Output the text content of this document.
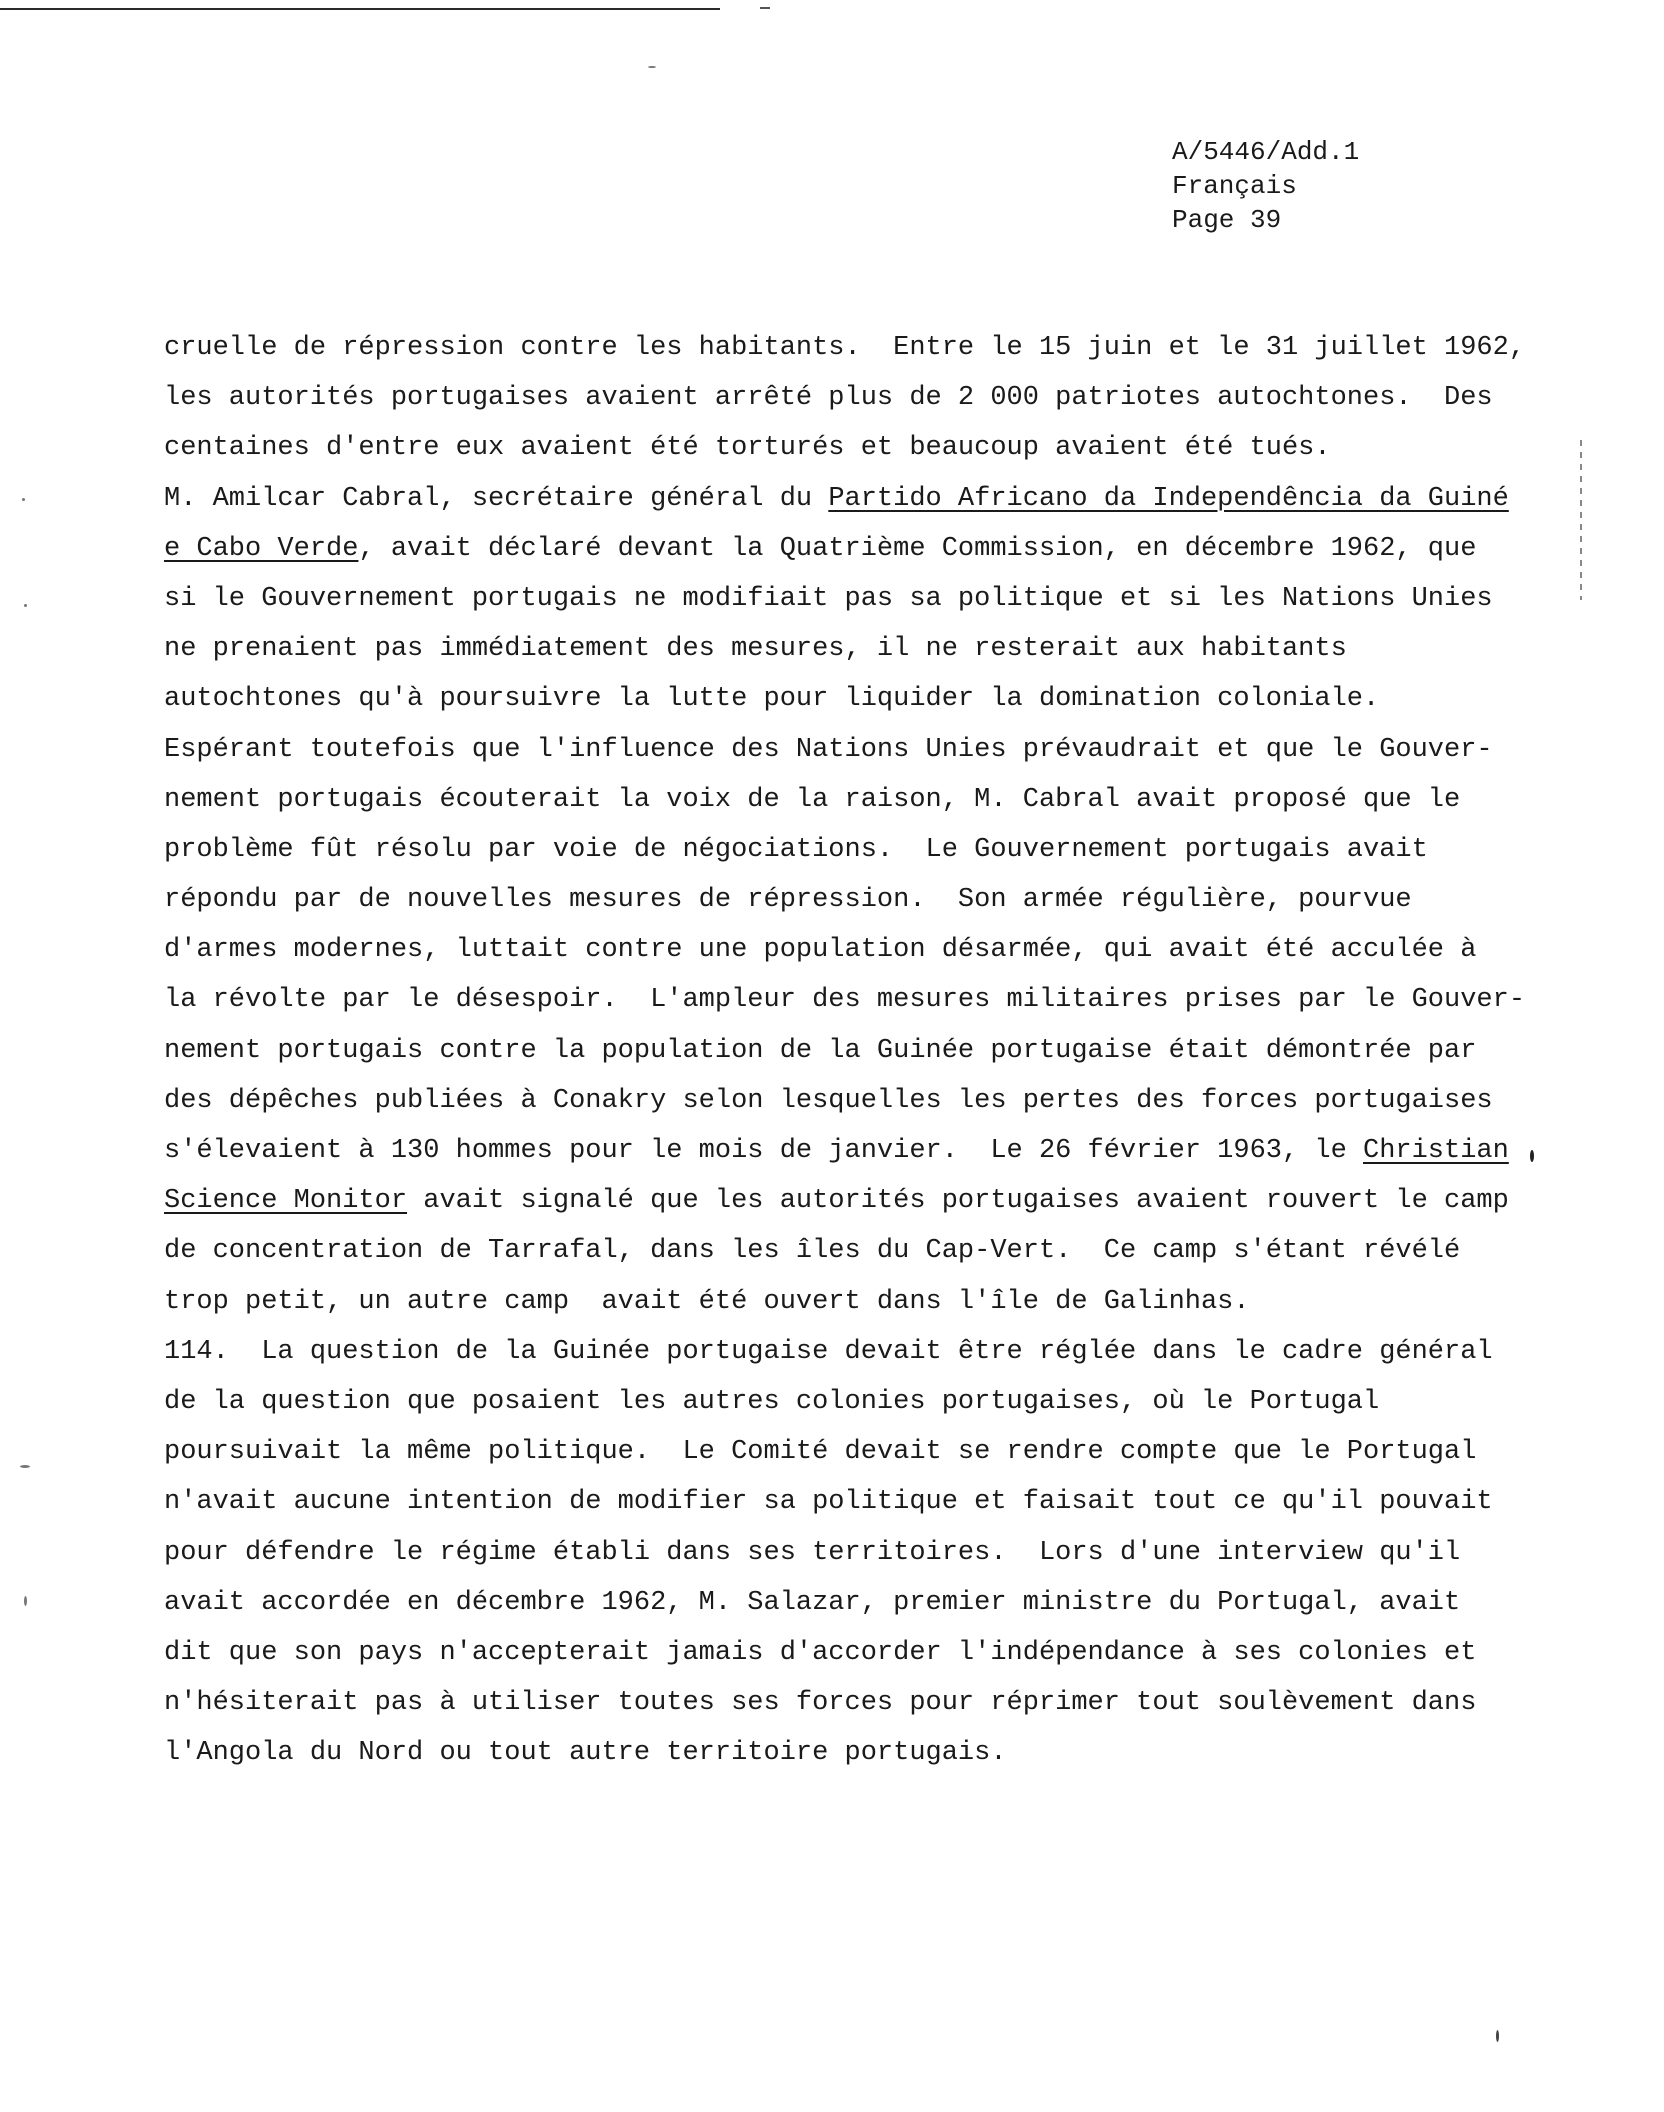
A/5446/Add.1
Français
Page 39
cruelle de répression contre les habitants.  Entre le 15 juin et le 31 juillet 1962,
les autorités portugaises avaient arrêté plus de 2 000 patriotes autochtones.  Des
centaines d'entre eux avaient été torturés et beaucoup avaient été tués.
M. Amilcar Cabral, secrétaire général du Partido Africano da Independência da Guiné
e Cabo Verde, avait déclaré devant la Quatrième Commission, en décembre 1962, que
si le Gouvernement portugais ne modifiait pas sa politique et si les Nations Unies
ne prenaient pas immédiatement des mesures, il ne resterait aux habitants
autochtones qu'à poursuivre la lutte pour liquider la domination coloniale.
Espérant toutefois que l'influence des Nations Unies prévaudrait et que le Gouver-
nement portugais écouterait la voix de la raison, M. Cabral avait proposé que le
problème fût résolu par voie de négociations.  Le Gouvernement portugais avait
répondu par de nouvelles mesures de répression.  Son armée régulière, pourvue
d'armes modernes, luttait contre une population désarmée, qui avait été acculée à
la révolte par le désespoir.  L'ampleur des mesures militaires prises par le Gouver-
nement portugais contre la population de la Guinée portugaise était démontrée par
des dépêches publiées à Conakry selon lesquelles les pertes des forces portugaises
s'élevaient à 130 hommes pour le mois de janvier.  Le 26 février 1963, le Christian
Science Monitor avait signalé que les autorités portugaises avaient rouvert le camp
de concentration de Tarrafal, dans les îles du Cap-Vert.  Ce camp s'étant révélé
trop petit, un autre camp  avait été ouvert dans l'île de Galinhas.
114.  La question de la Guinée portugaise devait être réglée dans le cadre général
de la question que posaient les autres colonies portugaises, où le Portugal
poursuivait la même politique.  Le Comité devait se rendre compte que le Portugal
n'avait aucune intention de modifier sa politique et faisait tout ce qu'il pouvait
pour défendre le régime établi dans ses territoires.  Lors d'une interview qu'il
avait accordée en décembre 1962, M. Salazar, premier ministre du Portugal, avait
dit que son pays n'accepterait jamais d'accorder l'indépendance à ses colonies et
n'hésiterait pas à utiliser toutes ses forces pour réprimer tout soulèvement dans
l'Angola du Nord ou tout autre territoire portugais.
